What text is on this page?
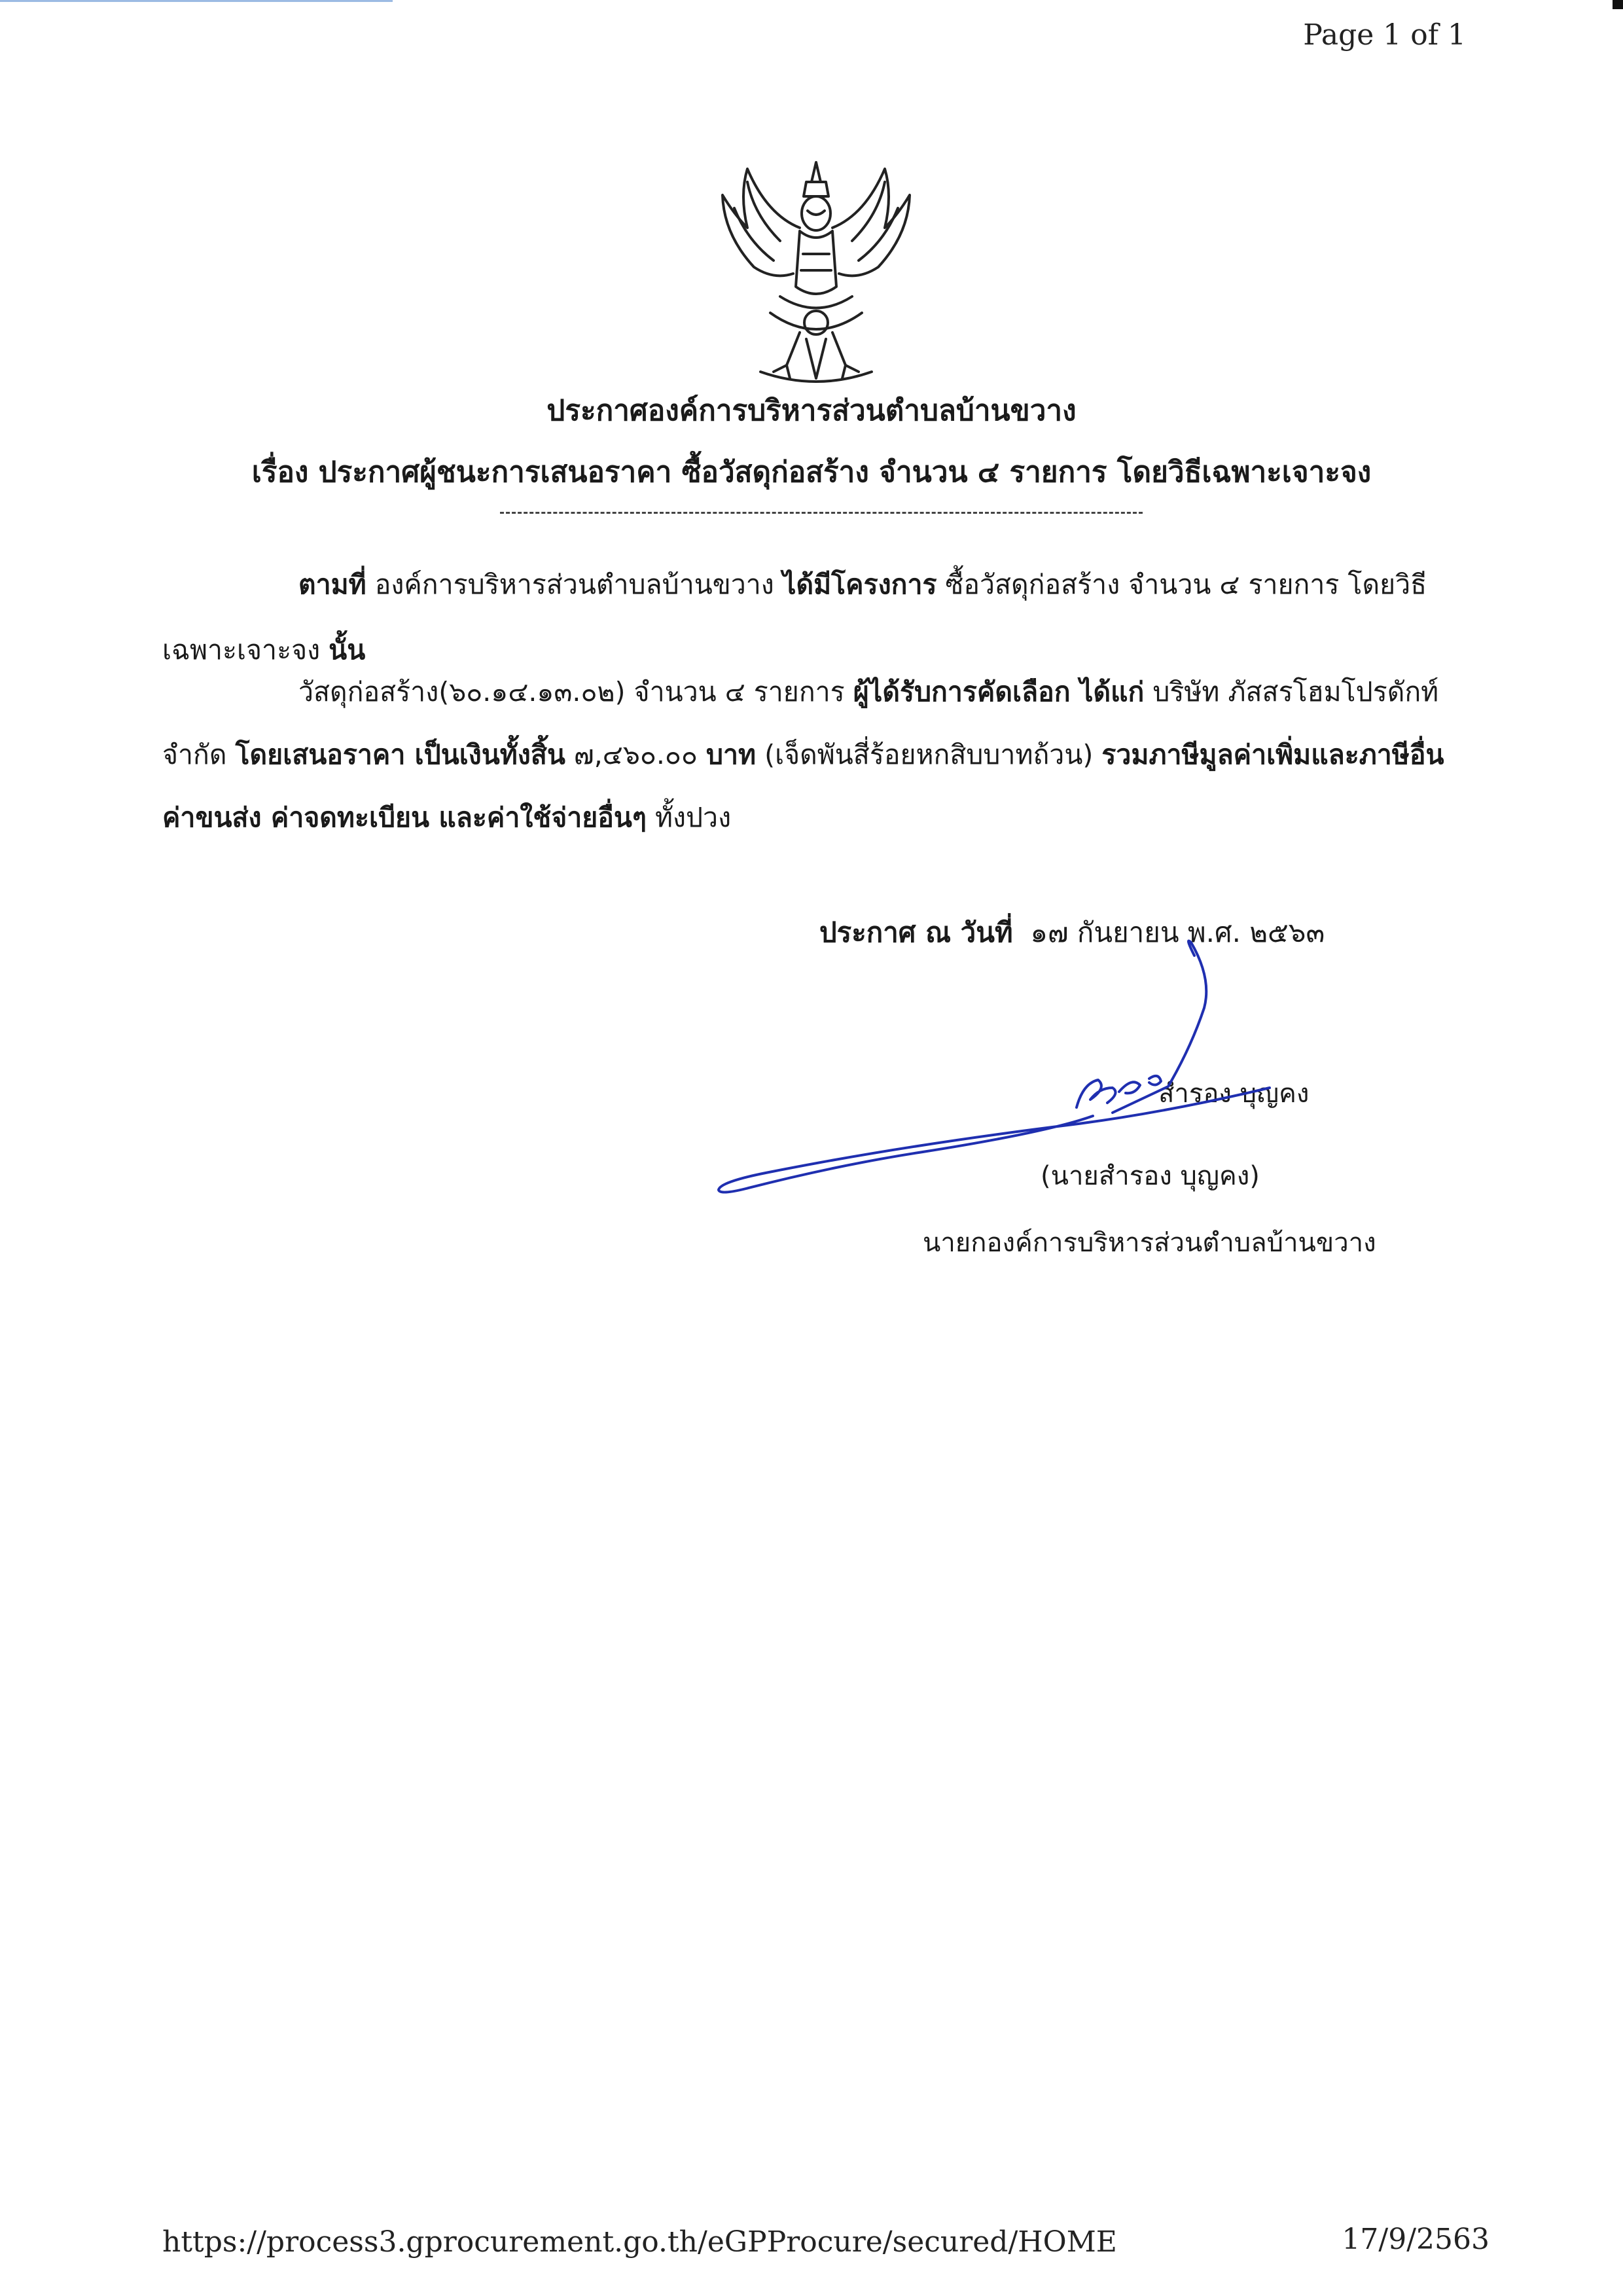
Page 1 of 1
ประกาศองค์การบริหารส่วนตำบลบ้านขวาง
เรื่อง ประกาศผู้ชนะการเสนอราคา ซื้อวัสดุก่อสร้าง จำนวน ๔ รายการ โดยวิธีเฉพาะเจาะจง
ตามที่ องค์การบริหารส่วนตำบลบ้านขวาง ได้มีโครงการ ซื้อวัสดุก่อสร้าง จำนวน ๔ รายการ โดยวิธี
เฉพาะเจาะจง นั้น
วัสดุก่อสร้าง(๖๐.๑๔.๑๓.๐๒) จำนวน ๔ รายการ ผู้ได้รับการคัดเลือก ได้แก่ บริษัท ภัสสรโฮมโปรดักท์
จำกัด โดยเสนอราคา เป็นเงินทั้งสิ้น ๗,๔๖๐.๐๐ บาท (เจ็ดพันสี่ร้อยหกสิบบาทถ้วน) รวมภาษีมูลค่าเพิ่มและภาษีอื่น
ค่าขนส่ง ค่าจดทะเบียน และค่าใช้จ่ายอื่นๆ ทั้งปวง
ประกาศ ณ วันที่ ๑๗ กันยายน พ.ศ. ๒๕๖๓
สำรอง บุญคง
(นายสำรอง บุญคง)
นายกองค์การบริหารส่วนตำบลบ้านขวาง
https://process3.gprocurement.go.th/eGPProcure/secured/HOME	17/9/2563
